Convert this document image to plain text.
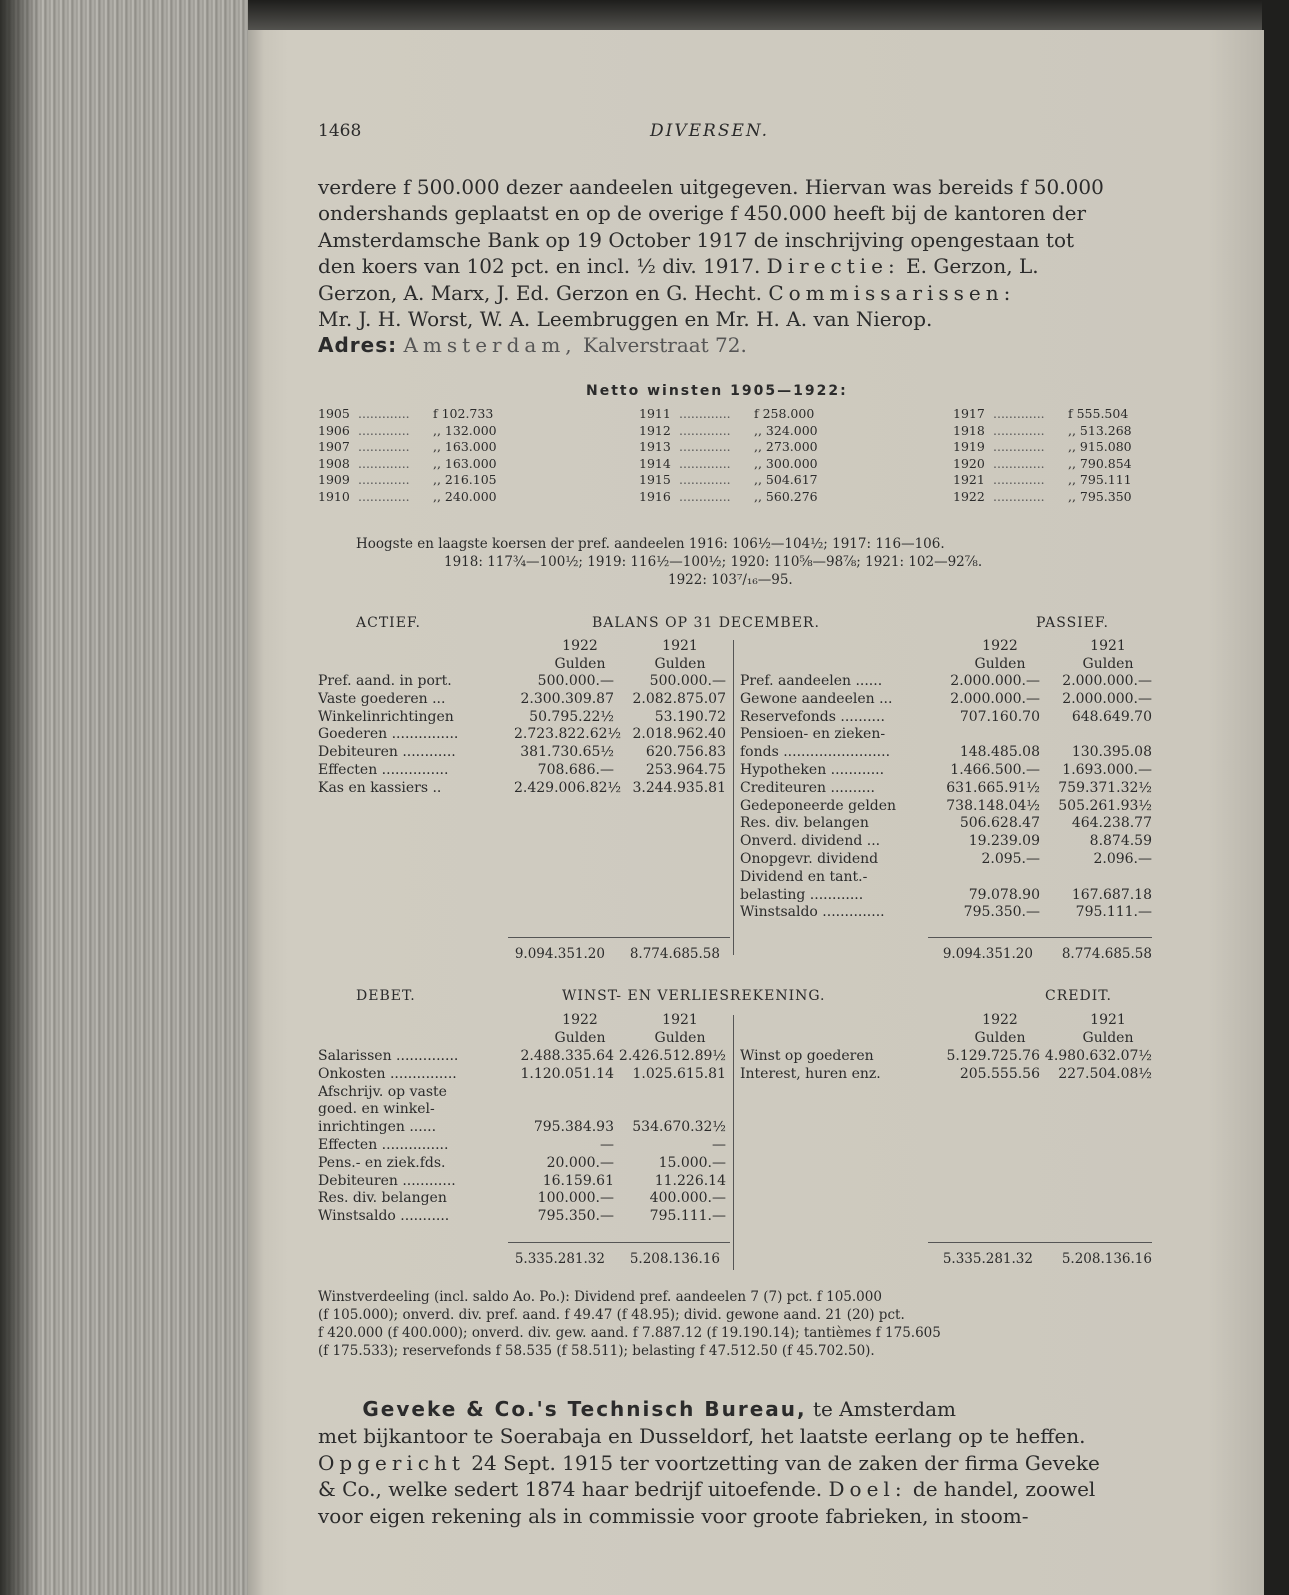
1468	DIVERSEN.
verdere f 500.000 dezer aandeelen uitgegeven. Hiervan was bereids f 50.000
ondershands geplaatst en op de overige f 450.000 heeft bij de kantoren der
Amsterdamsche Bank op 19 October 1917 de inschrijving opengestaan tot
den koers van 102 pct. en incl. ½ div. 1917. Directie: E. Gerzon, L.
Gerzon, A. Marx, J. Ed. Gerzon en G. Hecht. Commissarissen:
Mr. J. H. Worst, W. A. Leembruggen en Mr. H. A. van Nierop.
Adres: Amsterdam, Kalverstraat 72.
Netto winsten 1905—1922:
1905 .............	f 102.733
1906 .............	,, 132.000
1907 .............	,, 163.000
1908 .............	,, 163.000
1909 .............	,, 216.105
1910 .............	,, 240.000
1911 .............	f 258.000
1912 .............	,, 324.000
1913 .............	,, 273.000
1914 .............	,, 300.000
1915 .............	,, 504.617
1916 .............	,, 560.276
1917 .............	f 555.504
1918 .............	,, 513.268
1919 .............	,, 915.080
1920 .............	,, 790.854
1921 .............	,, 795.111
1922 .............	,, 795.350
Hoogste en laagste koersen der pref. aandeelen 1916: 106½—104½; 1917: 116—106.
1918: 117¾—100½; 1919: 116½—100½; 1920: 110⅝—98⅞; 1921: 102—92⅞.
1922: 103⁷/₁₆—95.
ACTIEF.	BALANS OP 31 DECEMBER.	PASSIEF.
1922	1921
Gulden	Gulden
1922	1921
Gulden	Gulden
Pref. aand. in port.	500.000.—	500.000.—
Vaste goederen ...	2.300.309.87	2.082.875.07
Winkelinrichtingen	50.795.22½	53.190.72
Goederen ...............	2.723.822.62½ 2.018.962.40
Debiteuren ............	381.730.65½	620.756.83
Effecten ...............	708.686.—	253.964.75
Kas en kassiers ..	2.429.006.82½ 3.244.935.81
Pref. aandeelen ......	2.000.000.—	2.000.000.—
Gewone aandeelen ...	2.000.000.—	2.000.000.—
Reservefonds ..........	707.160.70	648.649.70
Pensioen- en zieken-
fonds ........................	148.485.08	130.395.08
Hypotheken ............	1.466.500.—	1.693.000.—
Crediteuren ..........	631.665.91½	759.371.32½
Gedeponeerde gelden	738.148.04½	505.261.93½
Res. div. belangen	506.628.47	464.238.77
Onverd. dividend ...	19.239.09	8.874.59
Onopgevr. dividend	2.095.—	2.096.—
Dividend en tant.-
belasting ............	79.078.90	167.687.18
Winstsaldo ..............	795.350.—	795.111.—
9.094.351.20	8.774.685.58	9.094.351.20	8.774.685.58
DEBET.	WINST- EN VERLIESREKENING.	CREDIT.
1922	1921
Gulden	Gulden
1922	1921
Gulden	Gulden
Salarissen ..............	2.488.335.64 2.426.512.89½
Onkosten ...............	1.120.051.14	1.025.615.81
Afschrijv. op vaste
goed. en winkel-
inrichtingen ......	795.384.93	534.670.32½
Effecten ...............	—	—
Pens.- en ziek.fds.	20.000.—	15.000.—
Debiteuren ............	16.159.61	11.226.14
Res. div. belangen	100.000.—	400.000.—
Winstsaldo ...........	795.350.—	795.111.—
Winst op goederen	5.129.725.76 4.980.632.07½
Interest, huren enz.	205.555.56	227.504.08½
5.335.281.32	5.208.136.16	5.335.281.32	5.208.136.16
Winstverdeeling (incl. saldo Ao. Po.): Dividend pref. aandeelen 7 (7) pct. f 105.000
(f 105.000); onverd. div. pref. aand. f 49.47 (f 48.95); divid. gewone aand. 21 (20) pct.
f 420.000 (f 400.000); onverd. div. gew. aand. f 7.887.12 (f 19.190.14); tantièmes f 175.605
(f 175.533); reservefonds f 58.535 (f 58.511); belasting f 47.512.50 (f 45.702.50).
Geveke & Co.'s Technisch Bureau, te Amsterdam
met bijkantoor te Soerabaja en Dusseldorf, het laatste eerlang op te heffen.
Opgericht 24 Sept. 1915 ter voortzetting van de zaken der firma Geveke
& Co., welke sedert 1874 haar bedrijf uitoefende. Doel: de handel, zoowel
voor eigen rekening als in commissie voor groote fabrieken, in stoom-
